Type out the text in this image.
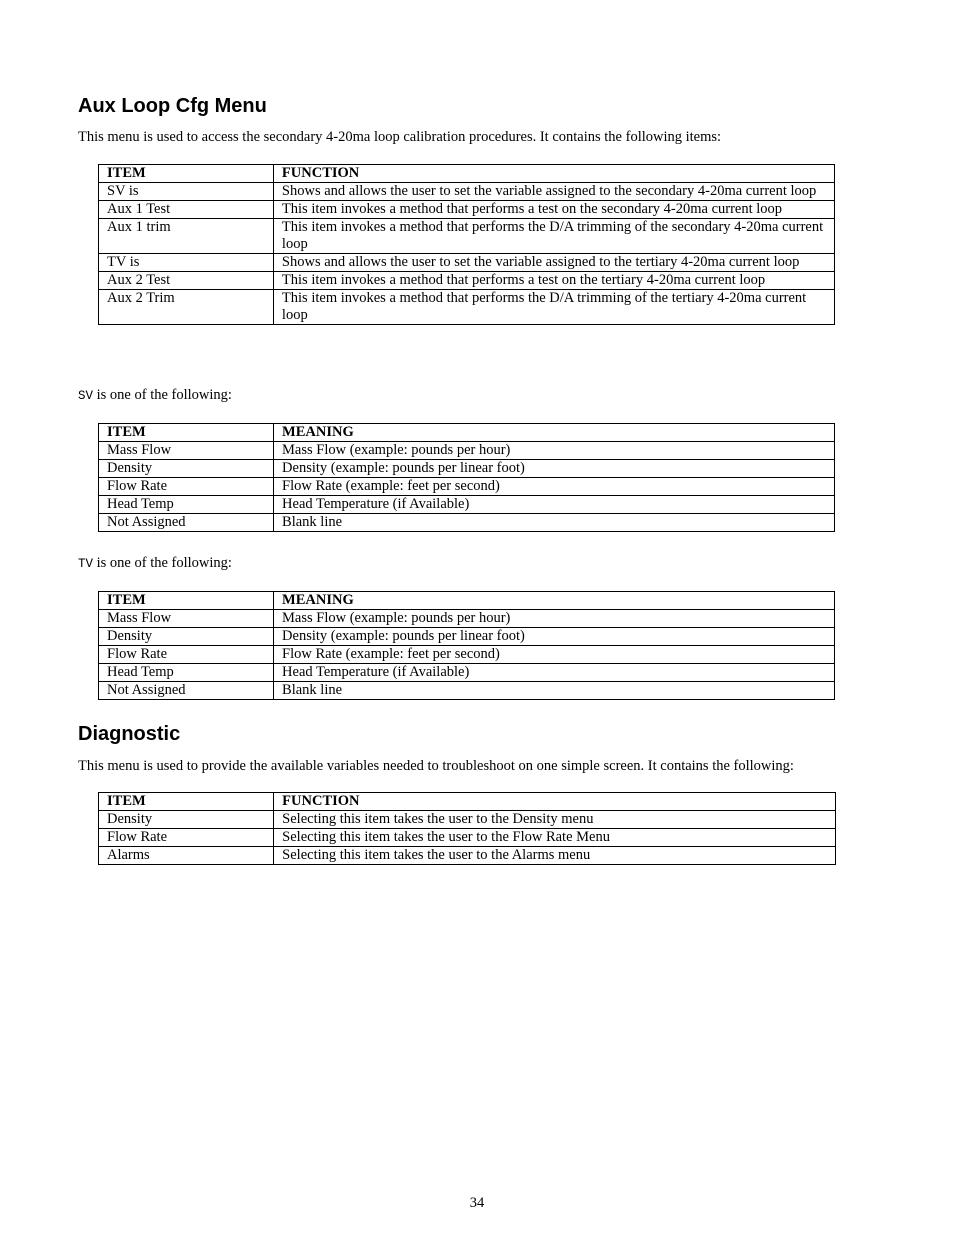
Aux Loop Cfg Menu

This menu is used to access the secondary 4-20ma loop calibration procedures. It contains the following items:

ITEM	FUNCTION
SV is	Shows and allows the user to set the variable assigned to the secondary 4-20ma current loop
Aux 1 Test	This item invokes a method that performs a test on the secondary 4-20ma current loop
Aux 1 trim	This item invokes a method that performs the D/A trimming of the secondary 4-20ma current loop
TV is	Shows and allows the user to set the variable assigned to the tertiary 4-20ma current loop
Aux 2 Test	This item invokes a method that performs a test on the tertiary 4-20ma current loop
Aux 2 Trim	This item invokes a method that performs the D/A trimming of the tertiary 4-20ma current loop

SV is one of the following:

ITEM	MEANING
Mass Flow	Mass Flow (example: pounds per hour)
Density	Density (example: pounds per linear foot)
Flow Rate	Flow Rate (example: feet per second)
Head Temp	Head Temperature (if Available)
Not Assigned	Blank line

TV is one of the following:

ITEM	MEANING
Mass Flow	Mass Flow (example: pounds per hour)
Density	Density (example: pounds per linear foot)
Flow Rate	Flow Rate (example: feet per second)
Head Temp	Head Temperature (if Available)
Not Assigned	Blank line
Diagnostic

This menu is used to provide the available variables needed to troubleshoot on one simple screen. It contains the following:

ITEM	FUNCTION
Density	Selecting this item takes the user to the Density menu
Flow Rate	Selecting this item takes the user to the Flow Rate Menu
Alarms	Selecting this item takes the user to the Alarms menu
34
